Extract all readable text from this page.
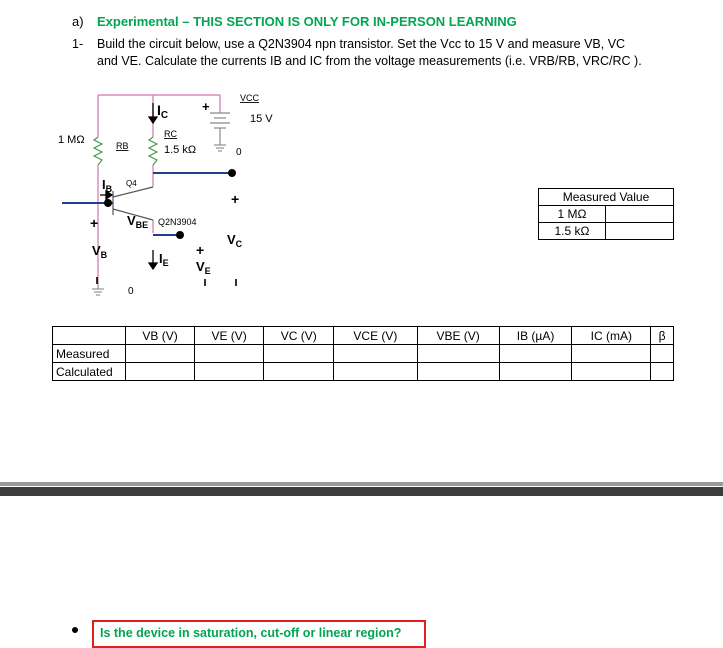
a) Experimental – THIS SECTION IS ONLY FOR IN-PERSON LEARNING
1- Build the circuit below, use a Q2N3904 npn transistor. Set the Vcc to 15 V and measure VB, VC
and VE. Calculate the currents IB and IC from the voltage measurements (i.e. VRB/RB, VRC/RC ).
1 MΩ	RB
RC
1.5 kΩ
VCC
15 V
+
0
Q4
Q2N3904
0
$I_C$
$I_B$
$I_E$
$V_{BE}$
$V_B$
$V_C$
$V_E$
+
+
+
Measured Value	
1 MΩ	
1.5 kΩ	
	VB (V)	VE (V)	VC (V)	VCE (V)	VBE (V)	IB (µA)	IC (mA)	β
Measured								
Calculated								
Is the device in saturation, cut-off or linear region?
